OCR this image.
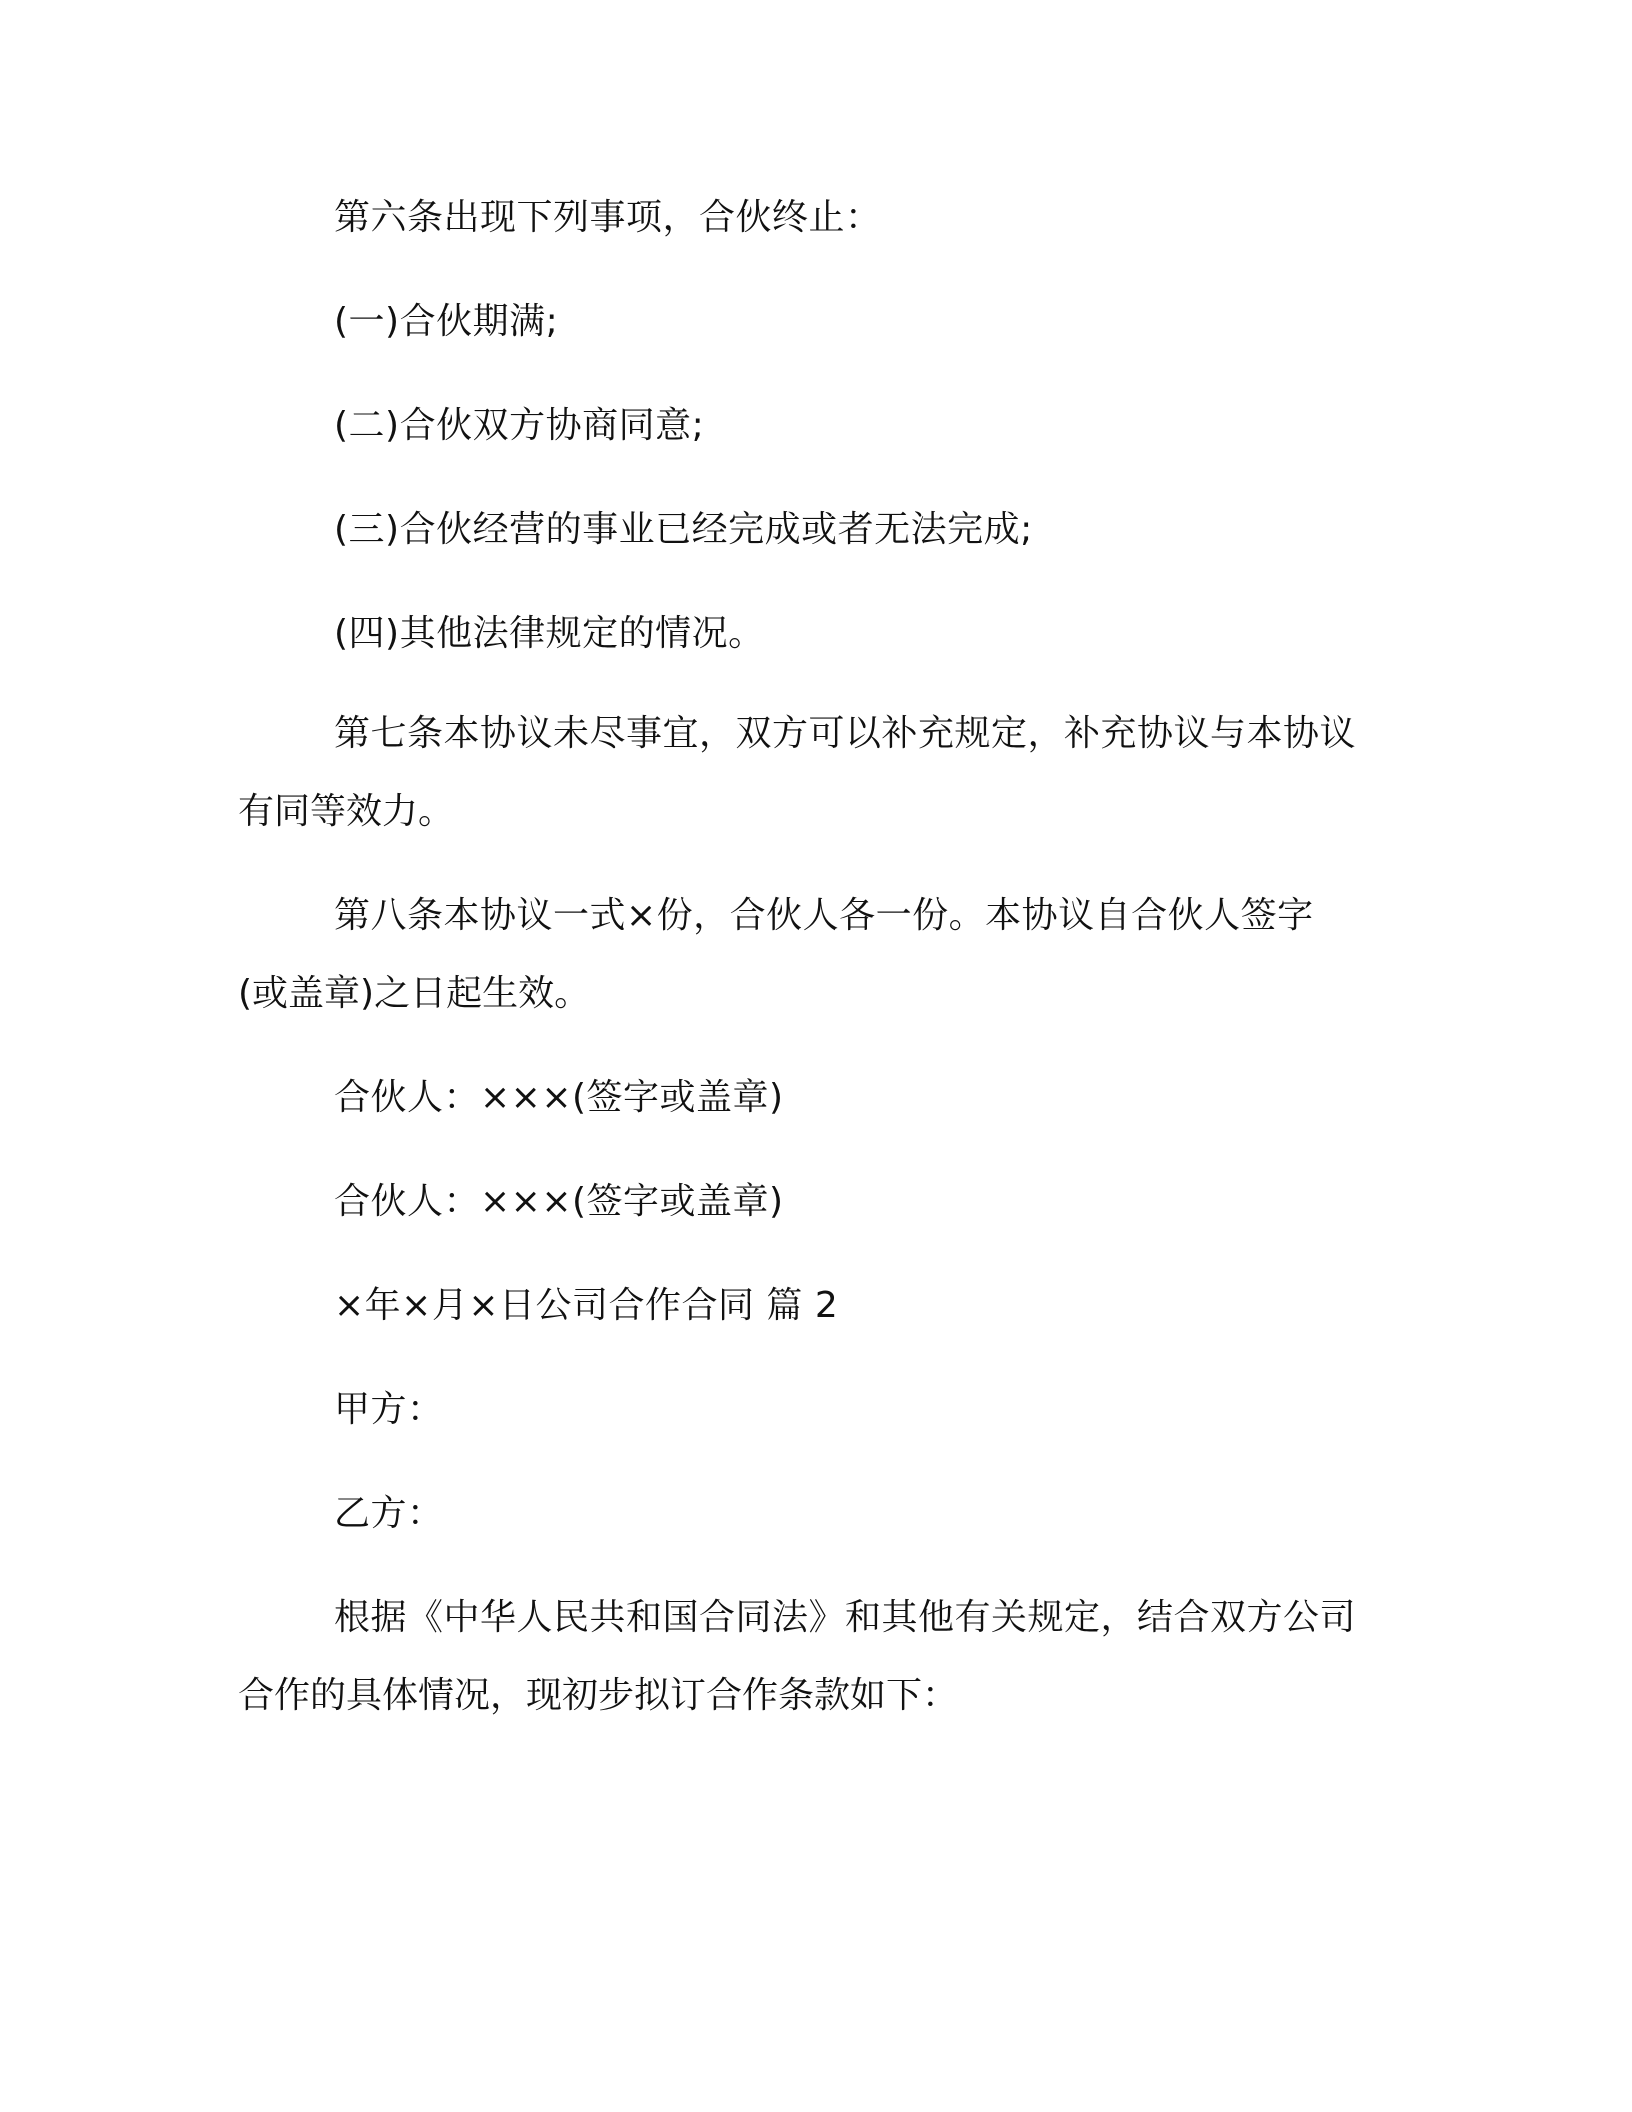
第六条出现下列事项，合伙终止：
(一)合伙期满;
(二)合伙双方协商同意;
(三)合伙经营的事业已经完成或者无法完成;
(四)其他法律规定的情况。
第七条本协议未尽事宜，双方可以补充规定，补充协议与本协议
有同等效力。
第八条本协议一式×份，合伙人各一份。本协议自合伙人签字
(或盖章)之日起生效。
合伙人：×××(签字或盖章)
合伙人：×××(签字或盖章)
×年×月×日公司合作合同 篇 2
甲方：
乙方：
根据《中华人民共和国合同法》和其他有关规定，结合双方公司
合作的具体情况，现初步拟订合作条款如下：
